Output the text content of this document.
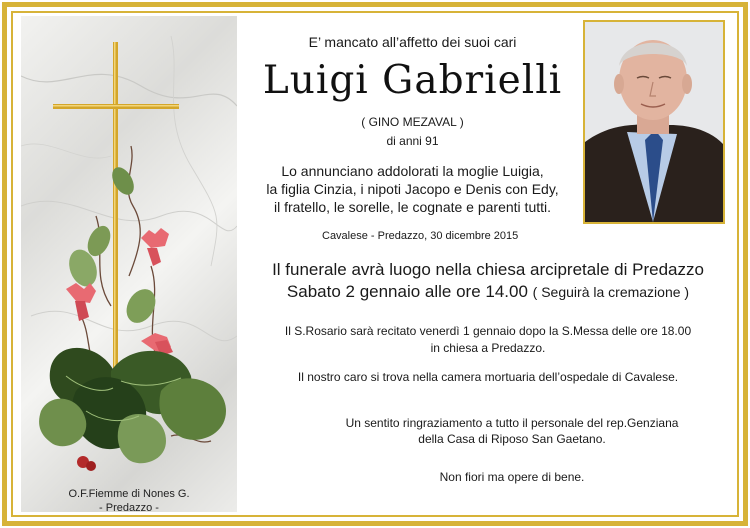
O.F.Fiemme di Nones G.
- Predazzo -
E’ mancato all’affetto dei suoi cari
Luigi Gabrielli
( GINO MEZAVAL )
di anni 91
Lo annunciano addolorati la moglie Luigia,
la figlia Cinzia, i nipoti Jacopo e Denis con Edy,
il fratello, le sorelle, le cognate e parenti tutti.
Cavalese - Predazzo, 30 dicembre 2015
Il funerale avrà luogo nella chiesa arcipretale di Predazzo
Sabato 2 gennaio alle ore 14.00 ( Seguirà la cremazione )
Il S.Rosario sarà recitato venerdì 1 gennaio dopo la S.Messa delle ore 18.00
in chiesa a Predazzo.
Il nostro caro si trova nella camera mortuaria dell’ospedale di Cavalese.
Un sentito ringraziamento a tutto il personale del rep.Genziana
della Casa di Riposo San Gaetano.
Non fiori ma opere di bene.
